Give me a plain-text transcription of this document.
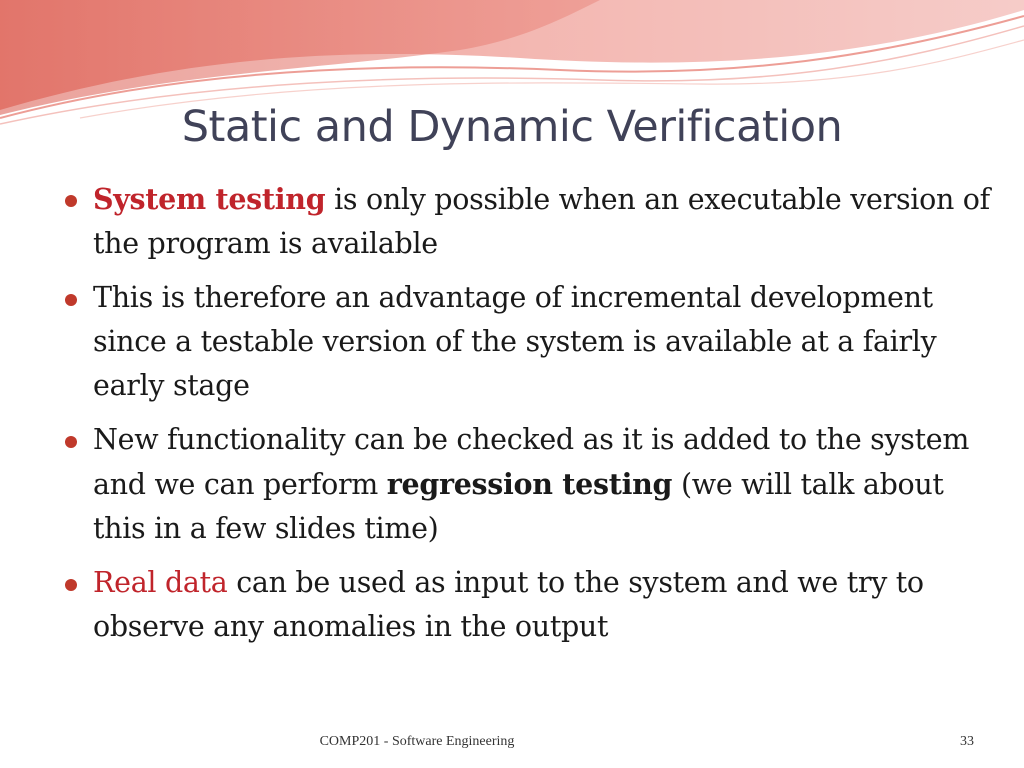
Static and Dynamic Verification
System testing is only possible when an executable version of the program is available
This is therefore an advantage of incremental development since a testable version of the system is available at a fairly early stage
New functionality can be checked as it is added to the system and we can perform regression testing (we will talk about this in a few slides time)
Real data can be used as input to the system and we try to observe any anomalies in the output
COMP201 - Software Engineering	33
